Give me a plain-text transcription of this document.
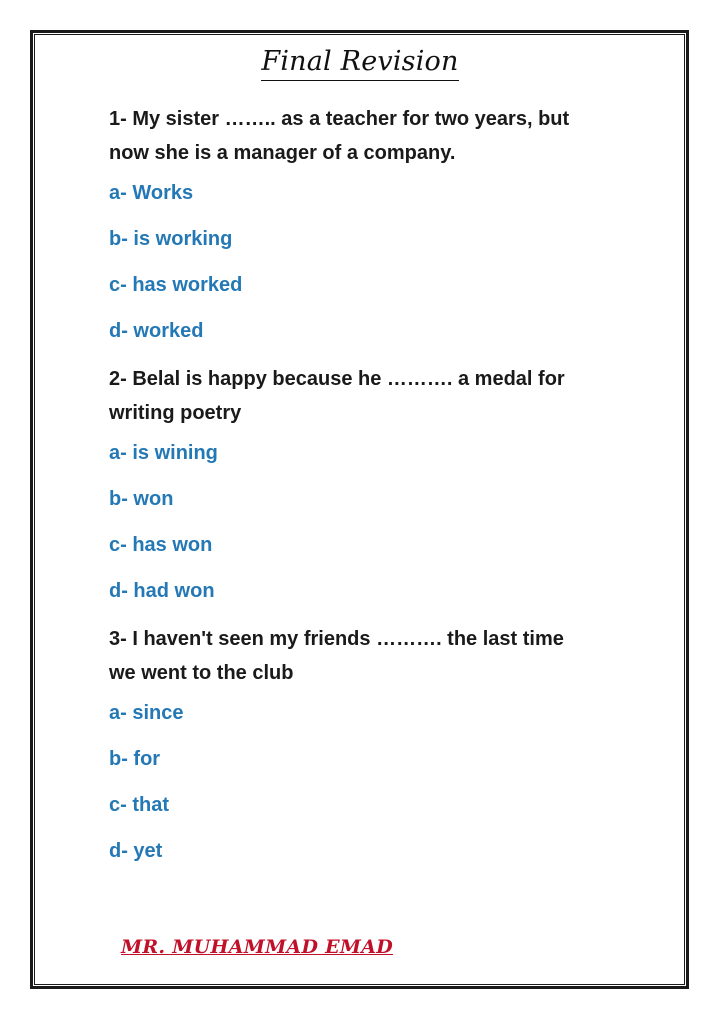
Final Revision

1- My sister …….. as a teacher for two years, but now she is a manager of a company.

a- Works
b- is working
c- has worked
d- worked

2- Belal is happy because he ………. a medal for writing poetry

a- is wining
b- won
c- has won
d- had won

3- I haven't seen my friends ………. the last time we went to the club

a- since
b- for
c- that
d- yet
MR. MUHAMMAD EMAD
